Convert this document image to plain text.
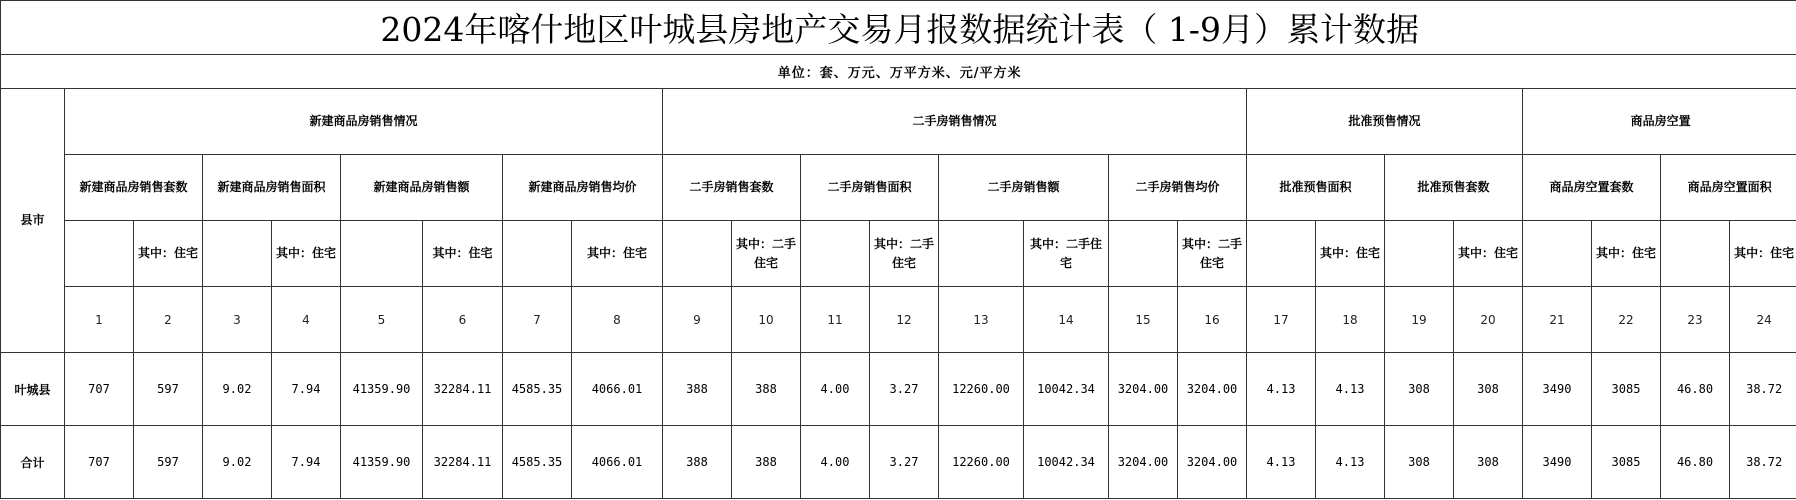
2024年喀什地区叶城县房地产交易月报数据统计表（ 1-9月）累计数据																								
单位：套、万元、万平方米、元/平方米																								
县市	新建商品房销售情况								二手房销售情况								批准预售情况				商品房空置			
	新建商品房销售套数		新建商品房销售面积		新建商品房销售额		新建商品房销售均价		二手房销售套数		二手房销售面积		二手房销售额		二手房销售均价		批准预售面积		批准预售套数		商品房空置套数		商品房空置面积	
		其中：住宅		其中：住宅		其中：住宅		其中：住宅		其中：二手住宅		其中：二手住宅		其中：二手住宅		其中：二手住宅		其中：住宅		其中：住宅		其中：住宅		其中：住宅
	1	2	3	4	5	6	7	8	9	10	11	12	13	14	15	16	17	18	19	20	21	22	23	24
叶城县	707	597	9.02	7.94	41359.90	32284.11	4585.35	4066.01	388	388	4.00	3.27	12260.00	10042.34	3204.00	3204.00	4.13	4.13	308	308	3490	3085	46.80	38.72
合计	707	597	9.02	7.94	41359.90	32284.11	4585.35	4066.01	388	388	4.00	3.27	12260.00	10042.34	3204.00	3204.00	4.13	4.13	308	308	3490	3085	46.80	38.72
